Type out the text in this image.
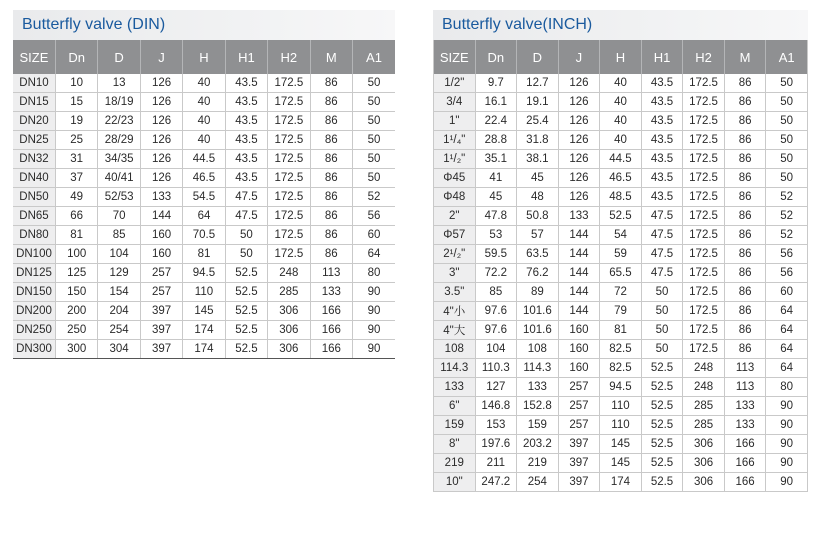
Butterfly valve (DIN)
SIZE	Dn	D	J	H	H1	H2	M	A1
DN10	10	13	126	40	43.5	172.5	86	50
DN15	15	18/19	126	40	43.5	172.5	86	50
DN20	19	22/23	126	40	43.5	172.5	86	50
DN25	25	28/29	126	40	43.5	172.5	86	50
DN32	31	34/35	126	44.5	43.5	172.5	86	50
DN40	37	40/41	126	46.5	43.5	172.5	86	50
DN50	49	52/53	133	54.5	47.5	172.5	86	52
DN65	66	70	144	64	47.5	172.5	86	56
DN80	81	85	160	70.5	50	172.5	86	60
DN100	100	104	160	81	50	172.5	86	64
DN125	125	129	257	94.5	52.5	248	113	80
DN150	150	154	257	110	52.5	285	133	90
DN200	200	204	397	145	52.5	306	166	90
DN250	250	254	397	174	52.5	306	166	90
DN300	300	304	397	174	52.5	306	166	90
Butterfly valve(INCH)
SIZE	Dn	D	J	H	H1	H2	M	A1
1/2"	9.7	12.7	126	40	43.5	172.5	86	50
3/4	16.1	19.1	126	40	43.5	172.5	86	50
1"	22.4	25.4	126	40	43.5	172.5	86	50
1¹/₄"	28.8	31.8	126	40	43.5	172.5	86	50
1¹/₂"	35.1	38.1	126	44.5	43.5	172.5	86	50
Φ45	41	45	126	46.5	43.5	172.5	86	50
Φ48	45	48	126	48.5	43.5	172.5	86	52
2"	47.8	50.8	133	52.5	47.5	172.5	86	52
Φ57	53	57	144	54	47.5	172.5	86	52
2¹/₂"	59.5	63.5	144	59	47.5	172.5	86	56
3"	72.2	76.2	144	65.5	47.5	172.5	86	56
3.5"	85	89	144	72	50	172.5	86	60
4"小	97.6	101.6	144	79	50	172.5	86	64
4"大	97.6	101.6	160	81	50	172.5	86	64
108	104	108	160	82.5	50	172.5	86	64
114.3	110.3	114.3	160	82.5	52.5	248	113	64
133	127	133	257	94.5	52.5	248	113	80
6"	146.8	152.8	257	110	52.5	285	133	90
159	153	159	257	110	52.5	285	133	90
8"	197.6	203.2	397	145	52.5	306	166	90
219	211	219	397	145	52.5	306	166	90
10"	247.2	254	397	174	52.5	306	166	90
